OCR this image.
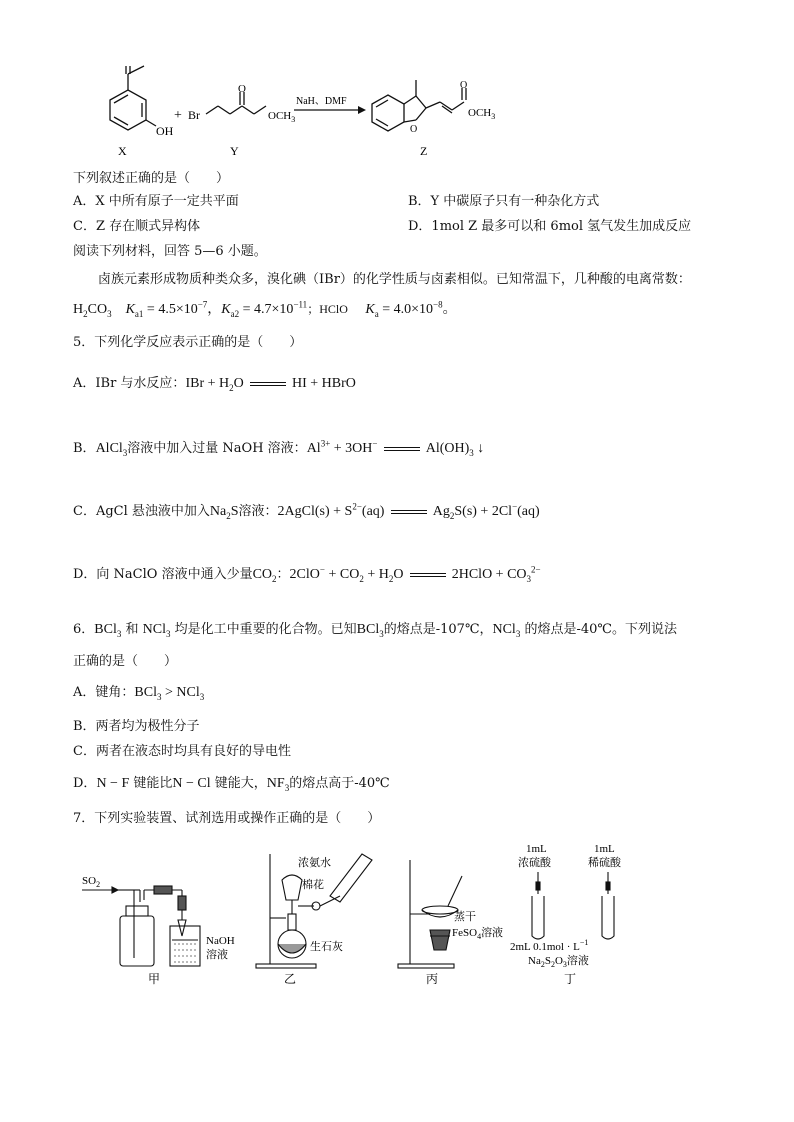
OH
X
+ Br
O
$OCH_3$
Y
NaH、DMF
O
O
$OCH_3$
Z
下列叙述正确的是（　　）
A．X 中所有原子一定共平面	B．Y 中碳原子只有一种杂化方式
C．Z 存在顺式异构体	D．1mol Z 最多可以和 6mol 氢气发生加成反应
阅读下列材料，回答 5—6 小题。
卤族元素形成物质种类众多，溴化碘（IBr）的化学性质与卤素相似。已知常温下，几种酸的电离常数：
$H_2CO_3$ $K_{a1} = 4.5\times 10^{-7}$，$K_{a2} = 4.7\times 10^{-11}$；HClO $K_a = 4.0\times 10^{-8}$。
5．下列化学反应表示正确的是（　　）
A．IBr 与水反应：IBr + $H_2O$	HI + HBrO
B．AlCl$_3$溶液中加入过量 NaOH 溶液：$Al^{3+} + 3OH^-$	$Al(OH)_3$ ↓
C．AgCl 悬浊液中加入$Na_2S$溶液：2AgCl(s) + $S^{2-}(aq)$	$Ag_2S(s) + 2Cl^-(aq)$
D．向 NaClO 溶液中通入少量$CO_2$：$2ClO^- + CO_2 + H_2O$	2HClO + $CO_3^{2-}$
6．BCl$_3$ 和 NCl$_3$ 均是化工中重要的化合物。已知BCl$_3$的熔点是-107℃，NCl$_3$ 的熔点是-40℃。下列说法
正确的是（　　）
A．键角：BCl$_3$ > NCl$_3$
B．两者均为极性分子
C．两者在液态时均具有良好的导电性
D．N − F 键能比N − Cl 键能大，$NF_3$的熔点高于-40℃
7．下列实验装置、试剂选用或操作正确的是（　　）
$SO_2$
NaOH
溶液
甲
浓氨水
棉花
生石灰
乙
蒸干
FeSO$_4$溶液
丙
1mL
浓硫酸
1mL
稀硫酸
2mL $0.1mol \cdot L^{-1}$
$Na_2S_2O_3$溶液
丁
